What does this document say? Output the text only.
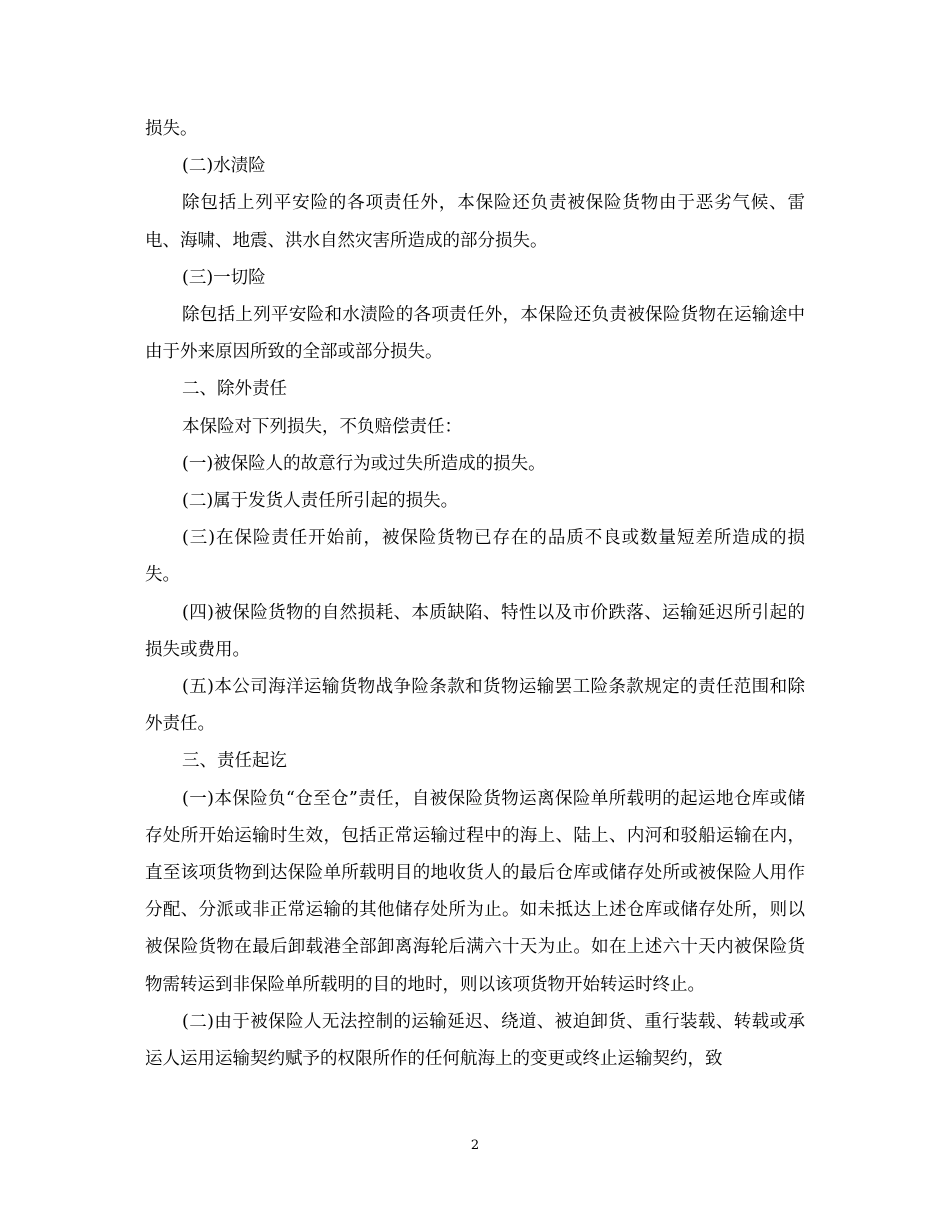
损失。

(二)水渍险

除包括上列平安险的各项责任外，本保险还负责被保险货物由于恶劣气候、雷电、海啸、地震、洪水自然灾害所造成的部分损失。

(三)一切险

除包括上列平安险和水渍险的各项责任外，本保险还负责被保险货物在运输途中由于外来原因所致的全部或部分损失。

二、除外责任

本保险对下列损失，不负赔偿责任：

(一)被保险人的故意行为或过失所造成的损失。

(二)属于发货人责任所引起的损失。

(三)在保险责任开始前，被保险货物已存在的品质不良或数量短差所造成的损失。

(四)被保险货物的自然损耗、本质缺陷、特性以及市价跌落、运输延迟所引起的损失或费用。

(五)本公司海洋运输货物战争险条款和货物运输罢工险条款规定的责任范围和除外责任。

三、责任起讫

(一)本保险负“仓至仓”责任，自被保险货物运离保险单所载明的起运地仓库或储存处所开始运输时生效，包括正常运输过程中的海上、陆上、内河和驳船运输在内，直至该项货物到达保险单所载明目的地收货人的最后仓库或储存处所或被保险人用作分配、分派或非正常运输的其他储存处所为止。如未抵达上述仓库或储存处所，则以被保险货物在最后卸载港全部卸离海轮后满六十天为止。如在上述六十天内被保险货物需转运到非保险单所载明的目的地时，则以该项货物开始转运时终止。

(二)由于被保险人无法控制的运输延迟、绕道、被迫卸货、重行装载、转载或承运人运用运输契约赋予的权限所作的任何航海上的变更或终止运输契约，致

2
